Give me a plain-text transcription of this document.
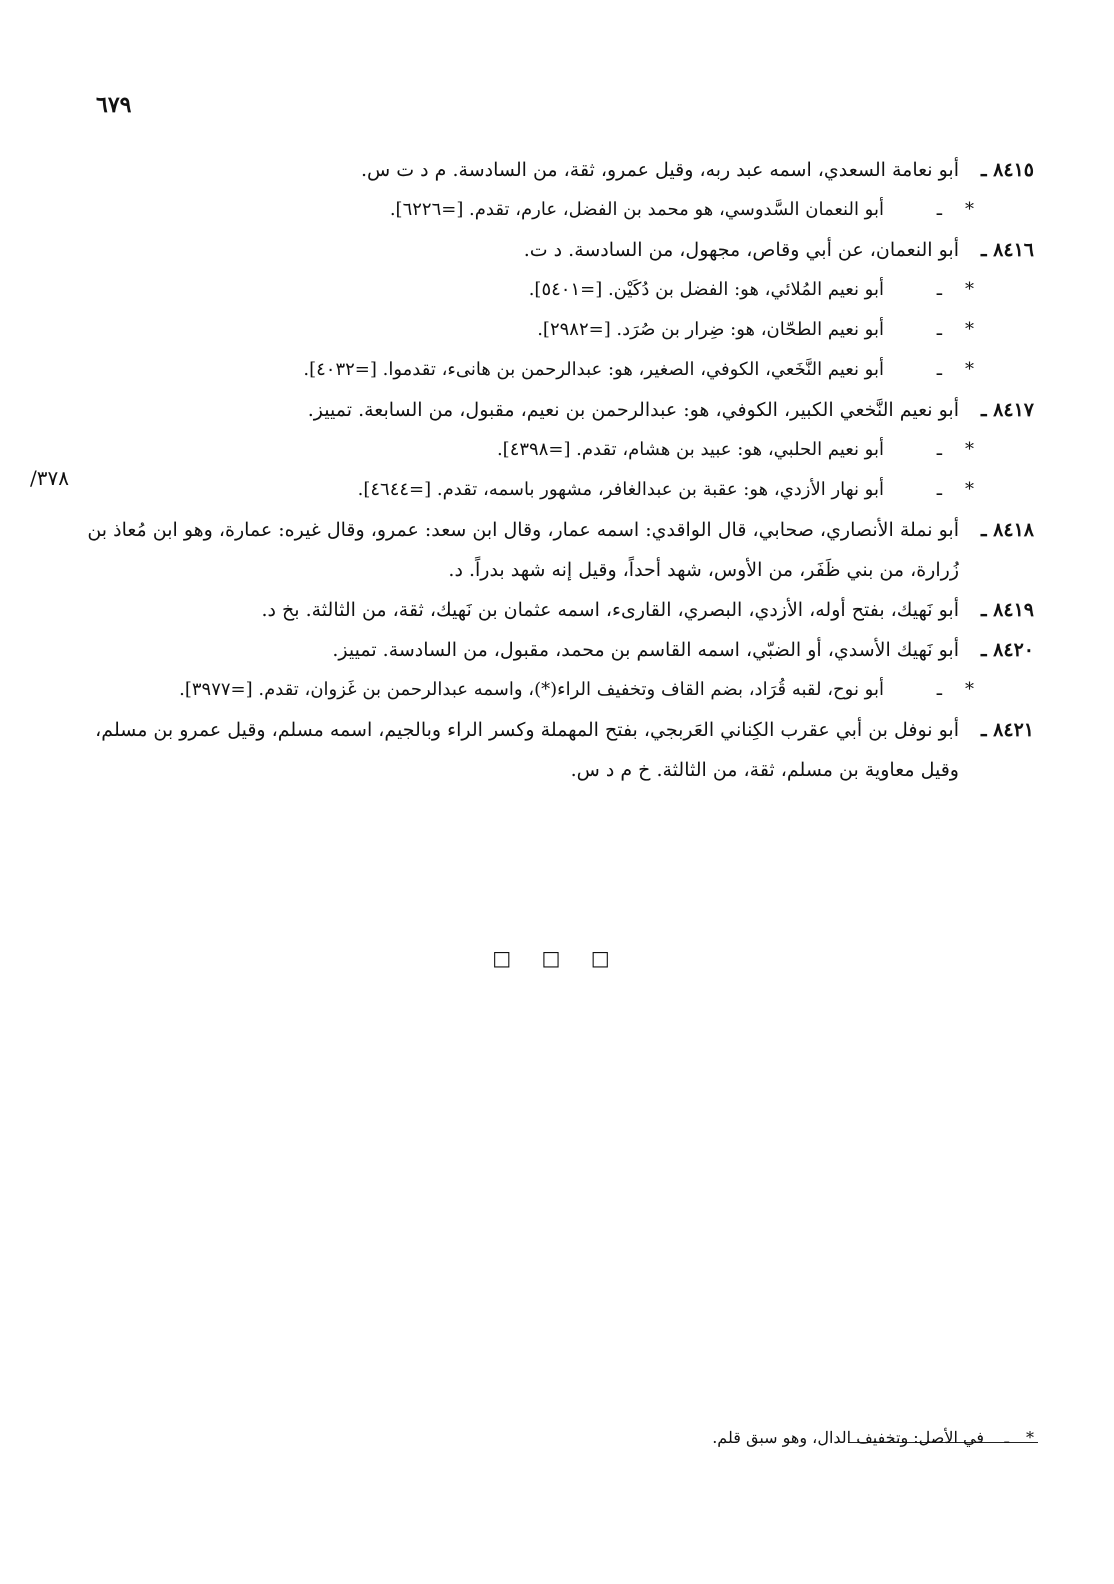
٦٧٩
/٣٧٨
٨٤١٥ ـ
أبو نعامة السعدي، اسمه عبد ربه، وقيل عمرو، ثقة، من السادسة. م د ت س.
*
ـ
أبو النعمان السَّدوسي، هو محمد بن الفضل، عارم، تقدم. [=٦٢٢٦].
٨٤١٦ ـ
أبو النعمان، عن أبي وقاص، مجهول، من السادسة. د ت.
*
ـ
أبو نعيم المُلائي، هو: الفضل بن دُكَيْن. [=٥٤٠١].
*
ـ
أبو نعيم الطحّان، هو: ضِرار بن صُرَد. [=٢٩٨٢].
*
ـ
أبو نعيم النَّخَعي، الكوفي، الصغير، هو: عبدالرحمن بن هانىء، تقدموا. [=٤٠٣٢].
٨٤١٧ ـ
أبو نعيم النَّخعي الكبير، الكوفي، هو: عبدالرحمن بن نعيم، مقبول، من السابعة. تمييز.
*
ـ
أبو نعيم الحلبي، هو: عبيد بن هشام، تقدم. [=٤٣٩٨].
*
ـ
أبو نهار الأزدي، هو: عقبة بن عبدالغافر، مشهور باسمه، تقدم. [=٤٦٤٤].
٨٤١٨ ـ
أبو نملة الأنصاري، صحابي، قال الواقدي: اسمه عمار، وقال ابن سعد: عمرو، وقال غيره: عمارة، وهو ابن مُعاذ بن زُرارة، من بني ظَفَر، من الأوس، شهد أحداً، وقيل إنه شهد بدراً. د.
٨٤١٩ ـ
أبو نَهيك، بفتح أوله، الأزدي، البصري، القارىء، اسمه عثمان بن نَهيك، ثقة، من الثالثة. بخ د.
٨٤٢٠ ـ
أبو نَهيك الأسدي، أو الضبّي، اسمه القاسم بن محمد، مقبول، من السادسة. تمييز.
*
ـ
أبو نوح، لقبه قُرَاد، بضم القاف وتخفيف الراء(*)، واسمه عبدالرحمن بن غَزوان، تقدم. [=٣٩٧٧].
٨٤٢١ ـ
أبو نوفل بن أبي عقرب الكِناني العَربجي، بفتح المهملة وكسر الراء وبالجيم، اسمه مسلم، وقيل عمرو بن مسلم، وقيل معاوية بن مسلم، ثقة، من الثالثة. خ م د س.
□ □ □
*
ـ
في الأصل: وتخفيف الدال، وهو سبق قلم.
